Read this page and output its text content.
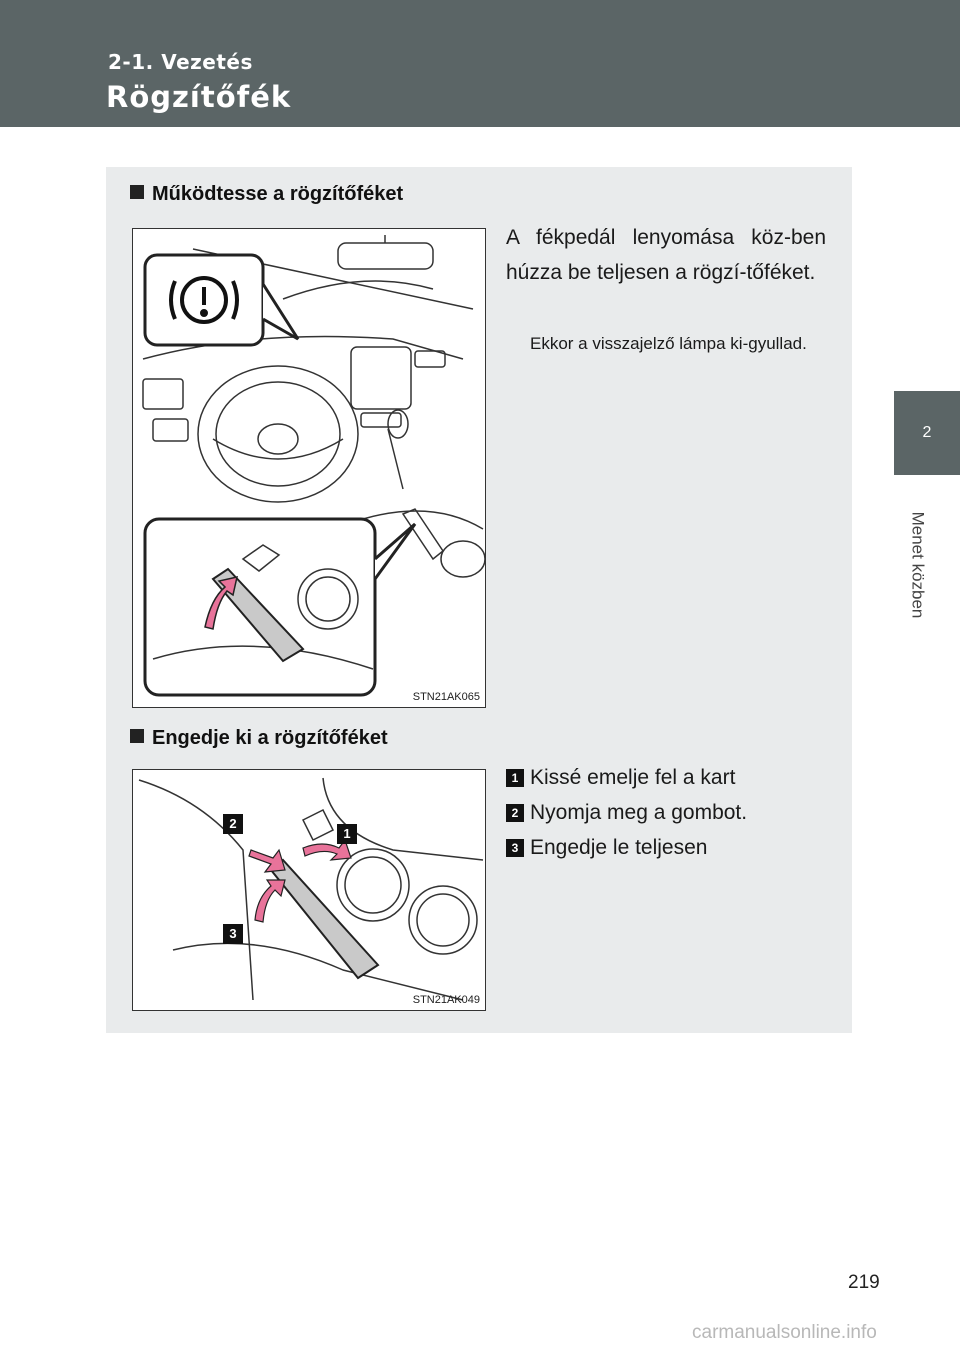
2-1. Vezetés
Rögzítőfék
2
Menet közben
Működtesse a rögzítőféket
STN21AK065
A fékpedál lenyomása köz-ben húzza be teljesen a rögzí-tőféket.
Ekkor a visszajelző lámpa ki-gyullad.
Engedje ki a rögzítőféket
1
2
3
STN21AK049
1 Kissé emelje fel a kart
2 Nyomja meg a gombot.
3 Engedje le teljesen
219
carmanualsonline.info
